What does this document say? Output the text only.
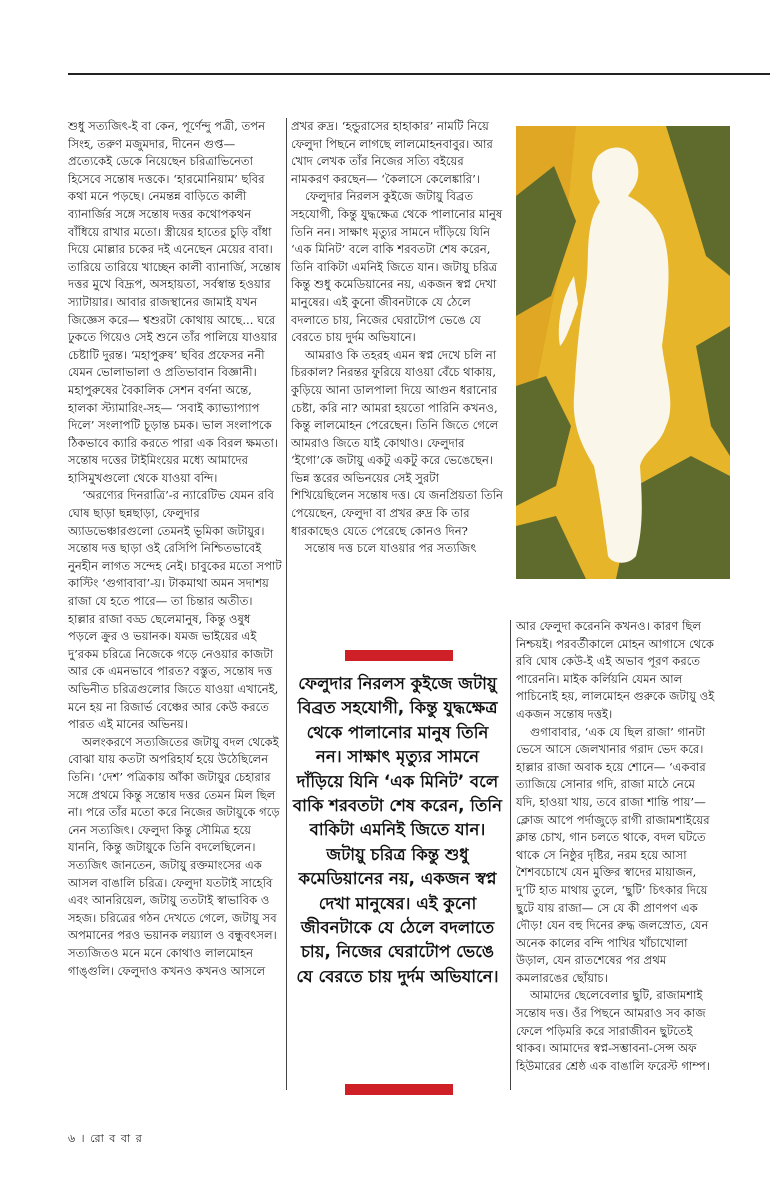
শুধু সত্যজিৎ-ই বা কেন, পূর্ণেন্দু পত্রী, তপন সিংহ, তরুণ মজুমদার, দীনেন গুপ্ত— প্রত্যেকেই ডেকে নিয়েছেন চরিত্রাভিনেতা হিসেবে সন্তোষ দত্তকে। ‘হারমোনিয়াম’ ছবির কথা মনে পড়ছে। নেমন্তন্ন বাড়িতে কালী ব্যানার্জির সঙ্গে সন্তোষ দত্তর কথোপকথন বাঁধিয়ে রাখার মতো। স্ত্রীয়ের হাতের চুড়ি বাঁধা দিয়ে মোল্লার চকের দই এনেছেন মেয়ের বাবা। তারিয়ে তারিয়ে খাচ্ছেন কালী ব্যানার্জি, সন্তোষ দত্তর মুখে বিদ্রূপ, অসহায়তা, সর্বস্বান্ত হওয়ার স্যাটায়ার। আবার রাজস্থানের জামাই যখন জিজ্ঞেস করে— শ্বশুরটা কোথায় আছে... ঘরে ঢুকতে গিয়েও সেই শুনে তাঁর পালিয়ে যাওয়ার চেষ্টাটি দুরন্ত। ‘মহাপুরুষ’ ছবির প্রফেসর ননী যেমন ভোলাভালা ও প্রতিভাবান বিজ্ঞানী। মহাপুরুষের বৈকালিক সেশন বর্ণনা অন্তে, হালকা স্ট্যামারিং-সহ— ‘সবাই ক্যাভ্যাপ্যাপ দিলে’ সংলাপটি চূড়ান্ত চমক। ভাল সংলাপকে ঠিকভাবে ক্যারি করতে পারা এক বিরল ক্ষমতা। সন্তোষ দত্তের টাইমিংয়ের মধ্যে আমাদের হাসিমুখগুলো থেকে যাওয়া বন্দি।

‘অরণ্যের দিনরাত্রি’-র ন্যারেটিভ যেমন রবি ঘোষ ছাড়া ছন্নছাড়া, ফেলুদার অ্যাডভেঞ্চারগুলো তেমনই ভূমিকা জটায়ুর। সন্তোষ দত্ত ছাড়া ওই রেসিপি নিশ্চিতভাবেই নুনহীন লাগত সন্দেহ নেই। চাবুকের মতো সপাট কাস্টিং ‘গুগাবাবা’-য়। টাকমাথা অমন সদাশয় রাজা যে হতে পারে— তা চিন্তার অতীত। হাল্লার রাজা বড্ড ছেলেমানুষ, কিন্তু ওষুধ পড়লে ক্রুর ও ভয়ানক। যমজ ভাইয়ের এই দু’রকম চরিত্রে নিজেকে গড়ে নেওয়ার কাজটা আর কে এমনভাবে পারত? বস্তুত, সন্তোষ দত্ত অভিনীত চরিত্রগুলোর জিতে যাওয়া এখানেই, মনে হয় না রিজার্ভ বেঞ্চের আর কেউ করতে পারত এই মানের অভিনয়।

অলংকরণে সত্যজিতের জটায়ু বদল থেকেই বোঝা যায় কতটা অপরিহার্য হয়ে উঠেছিলেন তিনি। ‘দেশ’ পত্রিকায় আঁকা জটায়ুর চেহারার সঙ্গে প্রথমে কিন্তু সন্তোষ দত্তর তেমন মিল ছিল না। পরে তাঁর মতো করে নিজের জটায়ুকে গড়ে নেন সত্যজিৎ। ফেলুদা কিন্তু সৌমিত্র হয়ে যাননি, কিন্তু জটায়ুকে তিনি বদলেছিলেন। সত্যজিৎ জানতেন, জটায়ু রক্তমাংসের এক আসল বাঙালি চরিত্র। ফেলুদা যতটাই সাহেবি এবং আনরিয়েল, জটায়ু ততটাই স্বাভাবিক ও সহজ। চরিত্রের গঠন দেখতে গেলে, জটায়ু সব অপমানের পরও ভয়ানক লয়্যাল ও বন্ধুবৎসল। সত্যজিতও মনে মনে কোথাও লালমোহন গাঙ্গুলি। ফেলুদাও কখনও কখনও আসলে

প্রখর রুদ্র। ‘হন্ডুরাসের হাহাকার’ নামটি নিয়ে ফেলুদা পিছনে লাগছে লালমোহনবাবুর। আর খোদ লেখক তাঁর নিজের সত্যি বইয়ের নামকরণ করছেন— ‘কৈলাসে কেলেঙ্কারি’।

ফেলুদার নিরলস কুইজে জটায়ু বিব্রত সহযোগী, কিন্তু যুদ্ধক্ষেত্র থেকে পালানোর মানুষ তিনি নন। সাক্ষাৎ মৃত্যুর সামনে দাঁড়িয়ে যিনি ‘এক মিনিট’ বলে বাকি শরবতটা শেষ করেন, তিনি বাকিটা এমনিই জিতে যান। জটায়ু চরিত্র কিন্তু শুধু কমেডিয়ানের নয়, একজন স্বপ্ন দেখা মানুষের। এই কুনো জীবনটাকে যে ঠেলে বদলাতে চায়, নিজের ঘেরাটোপ ভেঙে যে বেরতে চায় দুর্দম অভিযানে।

আমরাও কি তহরহ এমন স্বপ্ন দেখে চলি না চিরকাল? নিরন্তর ফুরিয়ে যাওয়া বেঁচে থাকায়, কুড়িয়ে আনা ডালপালা দিয়ে আগুন ধরানোর চেষ্টা, করি না? আমরা হয়তো পারিনি কখনও, কিন্তু লালমোহন পেরেছেন। তিনি জিতে গেলে আমরাও জিতে যাই কোথাও। ফেলুদার ‘ইগো’কে জটায়ু একটু একটু করে ভেঙেছেন। ভিন্ন স্তরের অভিনয়ের সেই সুরটা শিখিয়েছিলেন সন্তোষ দত্ত। যে জনপ্রিয়তা তিনি পেয়েছেন, ফেলুদা বা প্রখর রুদ্র কি তার ধারকাছেও যেতে পেরেছে কোনও দিন?

সন্তোষ দত্ত চলে যাওয়ার পর সত্যজিৎ

ফেলুদার নিরলস কুইজে জটায়ু বিব্রত সহযোগী, কিন্তু যুদ্ধক্ষেত্র থেকে পালানোর মানুষ তিনি নন। সাক্ষাৎ মৃত্যুর সামনে দাঁড়িয়ে যিনি ‘এক মিনিট’ বলে বাকি শরবতটা শেষ করেন, তিনি বাকিটা এমনিই জিতে যান। জটায়ু চরিত্র কিন্তু শুধু কমেডিয়ানের নয়, একজন স্বপ্ন দেখা মানুষের। এই কুনো জীবনটাকে যে ঠেলে বদলাতে চায়, নিজের ঘেরাটোপ ভেঙে যে বেরতে চায় দুর্দম অভিযানে।

আর ফেলুদা করেননি কখনও। কারণ ছিল নিশ্চয়ই। পরবর্তীকালে মোহন আগাসে থেকে রবি ঘোষ কেউ-ই এই অভাব পূরণ করতে পারেননি। মাইক কর্লিয়নি যেমন আল পাচিনোই হয়, লালমোহন গুরুকে জটায়ু ওই একজন সন্তোষ দত্তই।

গুগাবাবার, ‘এক যে ছিল রাজা’ গানটা ভেসে আসে জেলখানার গরাদ ভেদ করে। হাল্লার রাজা অবাক হয়ে শোনে— ‘একবার ত্যাজিয়ে সোনার গদি, রাজা মাঠে নেমে যদি, হাওয়া খায়, তবে রাজা শান্তি পায়’— ক্লোজ আপে পর্দাজুড়ে রাগী রাজামশাইয়ের ক্লান্ত চোখ, গান চলতে থাকে, বদল ঘটতে থাকে সে নিষ্ঠুর দৃষ্টির, নরম হয়ে আসা শৈশবচোখে যেন মুক্তির স্বাদের মায়াজন, দু’টি হাত মাথায় তুলে, ‘ছুটি’ চিৎকার দিয়ে ছুটে যায় রাজা— সে যে কী প্রাণপণ এক দৌড়! যেন বহু দিনের রুদ্ধ জলস্রোত, যেন অনেক কালের বন্দি পাখির খাঁচাখোলা উড়াল, যেন রাতশেষের পর প্রথম কমলারঙের ছোঁয়াচ।

আমাদের ছেলেবেলার ছুটি, রাজামশাই সন্তোষ দত্ত। ওঁর পিছনে আমরাও সব কাজ ফেলে পড়িমরি করে সারাজীবন ছুটতেই থাকব। আমাদের স্বপ্ন-সম্ভাবনা-সেন্স অফ হিউমারের শ্রেষ্ঠ এক বাঙালি ফরেস্ট গাম্প।

৬ । রো ব বা র
